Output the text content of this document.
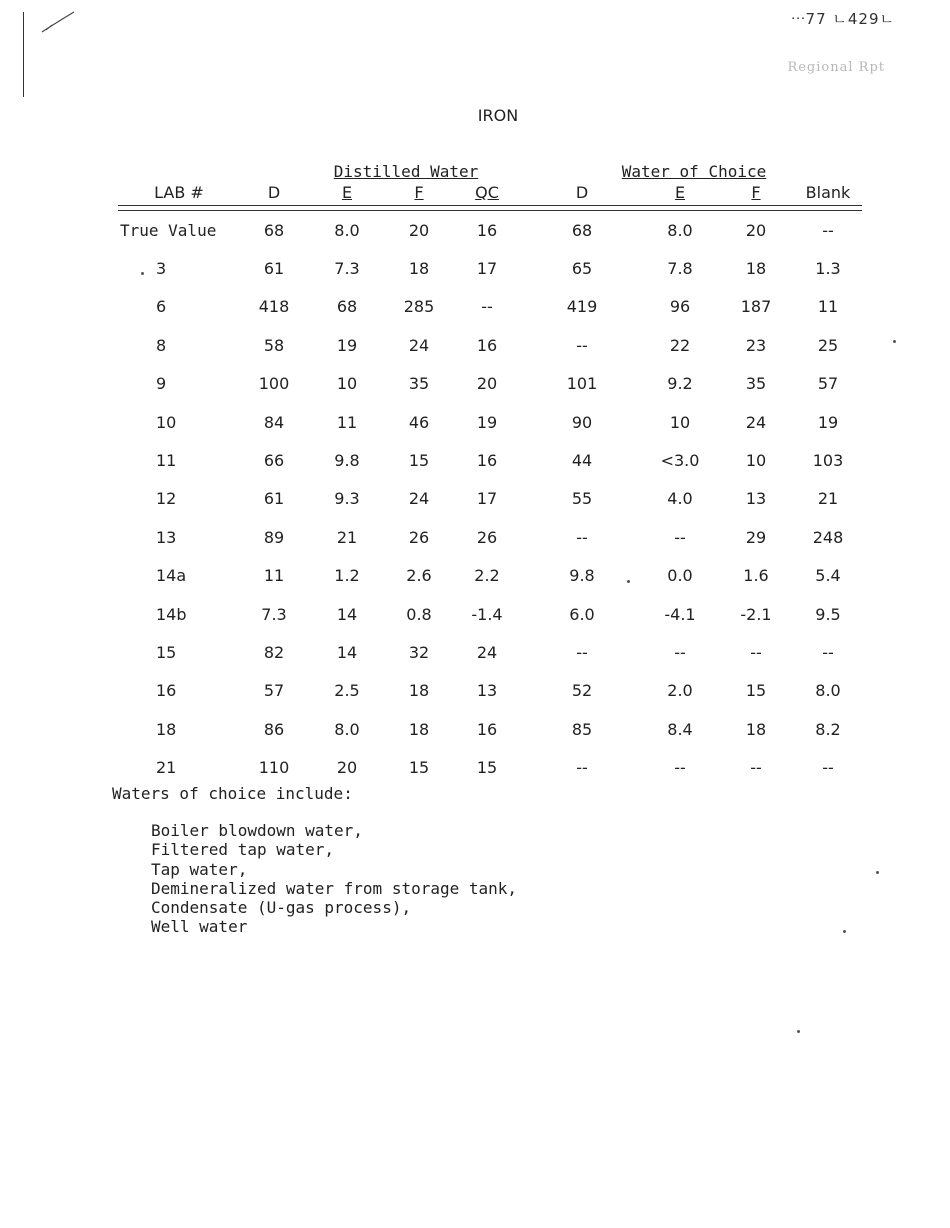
ᐧᐧᐧ77 ㄴ429ㄴ
Regional Rpt
IRON
Distilled Water	Water of Choice
LAB #	D	E	F	QC	D	E	F	Blank

True Value	68	8.0	20	16	68	8.0	20	--
3	61	7.3	18	17	65	7.8	18	1.3
6	418	68	285	--	419	96	187	11
8	58	19	24	16	--	22	23	25
9	100	10	35	20	101	9.2	35	57
10	84	11	46	19	90	10	24	19
11	66	9.8	15	16	44	<3.0	10	103
12	61	9.3	24	17	55	4.0	13	21
13	89	21	26	26	--	--	29	248
14a	11	1.2	2.6	2.2	9.8	0.0	1.6	5.4
14b	7.3	14	0.8	-1.4	6.0	-4.1	-2.1	9.5
15	82	14	32	24	--	--	--	--
16	57	2.5	18	13	52	2.0	15	8.0
18	86	8.0	18	16	85	8.4	18	8.2
21	110	20	15	15	--	--	--	--
Waters of choice include:
Boiler blowdown water,
Filtered tap water,
Tap water,
Demineralized water from storage tank,
Condensate (U-gas process),
Well water
